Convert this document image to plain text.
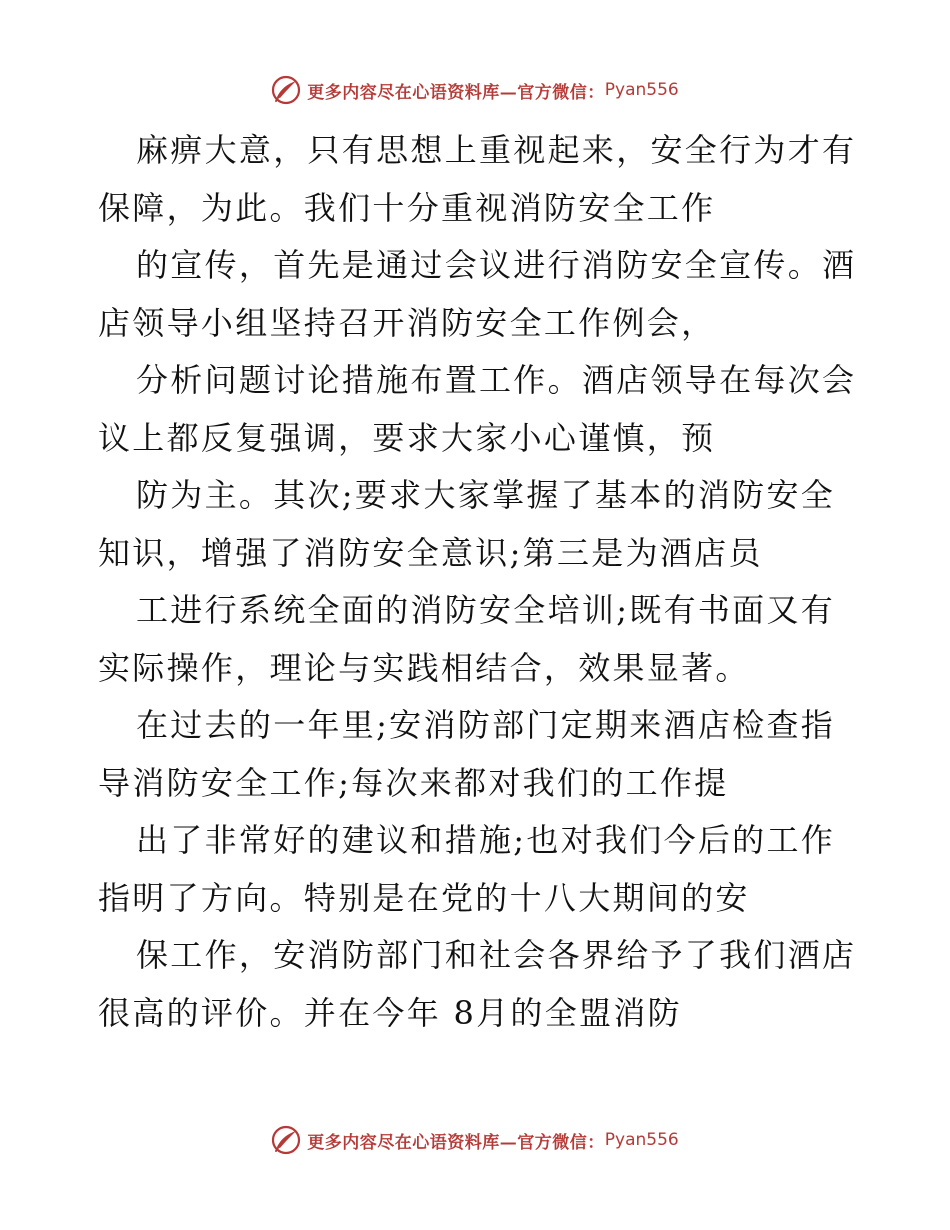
更多内容尽在心语资料库—官方微信： Pyan556
麻痹大意，只有思想上重视起来，安全行为才有
保障，为此。我们十分重视消防安全工作
的宣传，首先是通过会议进行消防安全宣传。酒
店领导小组坚持召开消防安全工作例会，
分析问题讨论措施布置工作。酒店领导在每次会
议上都反复强调，要求大家小心谨慎，预
防为主。其次;要求大家掌握了基本的消防安全
知识，增强了消防安全意识;第三是为酒店员
工进行系统全面的消防安全培训;既有书面又有
实际操作，理论与实践相结合，效果显著。
在过去的一年里;安消防部门定期来酒店检查指
导消防安全工作;每次来都对我们的工作提
出了非常好的建议和措施;也对我们今后的工作
指明了方向。特别是在党的十八大期间的安
保工作，安消防部门和社会各界给予了我们酒店
很高的评价。并在今年 8月的全盟消防
更多内容尽在心语资料库—官方微信： Pyan556
